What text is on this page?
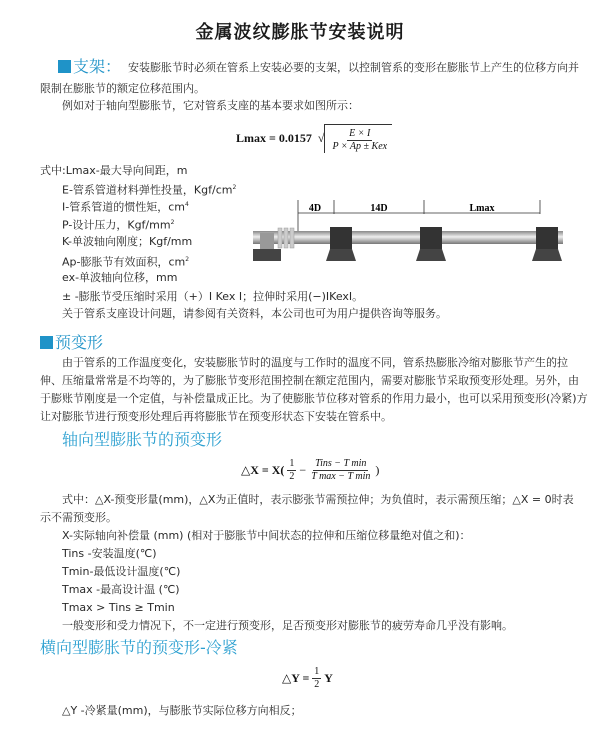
金属波纹膨胀节安装说明
支架： 安装膨胀节时必须在管系上安装必要的支架，以控制管系的变形在膨胀节上产生的位移方向并
限制在膨胀节的额定位移范围内。
例如对于轴向型膨胀节，它对管系支座的基本要求如图所示：
Lmax = 0.0157 √ $\frac{E \times I}{\text{P × Ap ± Kex}}$
式中:Lmax-最大导向间距，m
E-管系管道材料弹性投量，Kgf/$cm^2$
I-管系管道的惯性矩，$cm^4$
P-设计压力，Kgf/$mm^2$
K-单波轴向刚度；Kgf/mm
Ap-膨胀节有效面积，$cm^2$
ex-单波轴向位移，mm
± -膨胀节受压缩时采用（+）I Kex I；拉伸时采用(−)IKexI。
关于管系支座设计问题，请参阅有关资料，本公司也可为用户提供咨询等服务。
4D	14D	Lmax
预变形
由于管系的工作温度变化，安装膨胀节时的温度与工作时的温度不同，管系热膨胀冷缩对膨胀节产生的拉
伸、压缩量常常是不均等的，为了膨胀节变形范围控制在额定范围内，需要对膨胀节采取预变形处理。另外，由
于膨账节刚度是一个定值，与补偿量成正比。为了使膨胀节位移对管系的作用力最小，也可以采用预变形(冷紧)方
让对膨胀节进行预变形处理后再将膨胀节在预变形状态下安装在管系中。
轴向型膨胀节的预变形
△X = $X( \frac{1}{2} - \frac{\text{Tins − T min}}{\text{T max − T min}}$ )
式中：△X-预变形量(mm)，△X为正值时，表示膨张节需预拉伸；为负值时，表示需预压缩；△X = 0时表
示不需预变形。
X-实际轴向补偿量 (mm) (相对于膨胀节中间状态的拉伸和压缩位移量绝对值之和)：
Tins -安装温度(℃)
Tmin-最低设计温度(℃)
Tmax -最高设计温 (℃)
Tmax > Tins ≥ Tmin
一般变形和受力情况下，不一定进行预变形，足否预变形对膨胀节的疲劳寿命几乎没有影响。
横向型膨胀节的预变形-冷紧
△Y = $\frac{1}{2}$ Y
△Y -冷紧量(mm)，与膨胀节实际位移方向相反；
